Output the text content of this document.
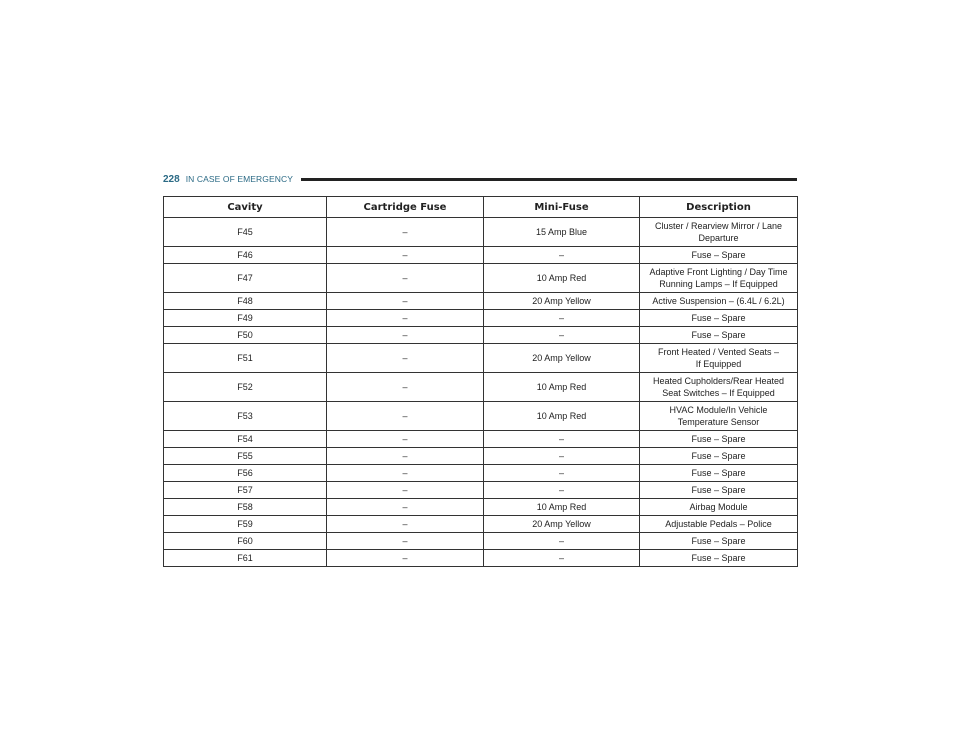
228 IN CASE OF EMERGENCY
Cavity	Cartridge Fuse	Mini-Fuse	Description
F45	–	15 Amp Blue	Cluster / Rearview Mirror / Lane
Departure

F46	–	–	Fuse – Spare

F47	–	10 Amp Red	Adaptive Front Lighting / Day Time
Running Lamps – If Equipped

F48	–	20 Amp Yellow	Active Suspension – (6.4L / 6.2L)

F49	–	–	Fuse – Spare

F50	–	–	Fuse – Spare

F51	–	20 Amp Yellow	Front Heated / Vented Seats –
If Equipped

F52	–	10 Amp Red	Heated Cupholders/Rear Heated
Seat Switches – If Equipped

F53	–	10 Amp Red	HVAC Module/In Vehicle
Temperature Sensor

F54	–	–	Fuse – Spare

F55	–	–	Fuse – Spare

F56	–	–	Fuse – Spare

F57	–	–	Fuse – Spare

F58	–	10 Amp Red	Airbag Module

F59	–	20 Amp Yellow	Adjustable Pedals – Police

F60	–	–	Fuse – Spare

F61	–	–	Fuse – Spare
